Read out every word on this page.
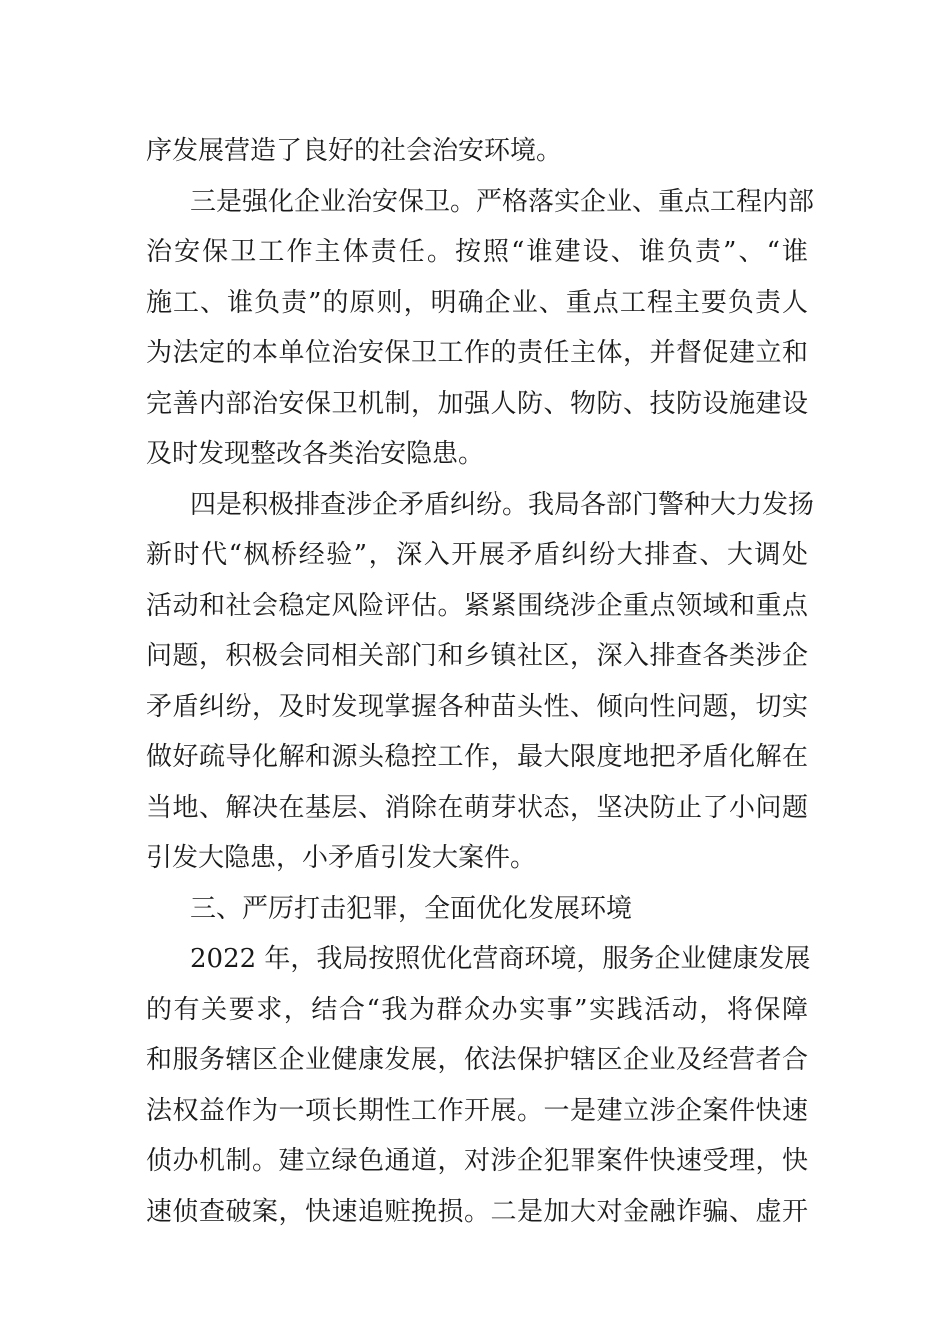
序发展营造了良好的社会治安环境。
三是强化企业治安保卫。严格落实企业、重点工程内部
治安保卫工作主体责任。按照“谁建设、谁负责”、“谁
施工、谁负责”的原则，明确企业、重点工程主要负责人
为法定的本单位治安保卫工作的责任主体，并督促建立和
完善内部治安保卫机制，加强人防、物防、技防设施建设
及时发现整改各类治安隐患。
四是积极排查涉企矛盾纠纷。我局各部门警种大力发扬
新时代“枫桥经验”，深入开展矛盾纠纷大排查、大调处
活动和社会稳定风险评估。紧紧围绕涉企重点领域和重点
问题，积极会同相关部门和乡镇社区，深入排查各类涉企
矛盾纠纷，及时发现掌握各种苗头性、倾向性问题，切实
做好疏导化解和源头稳控工作，最大限度地把矛盾化解在
当地、解决在基层、消除在萌芽状态，坚决防止了小问题
引发大隐患，小矛盾引发大案件。
三、严厉打击犯罪，全面优化发展环境
2022 年，我局按照优化营商环境，服务企业健康发展
的有关要求，结合“我为群众办实事”实践活动，将保障
和服务辖区企业健康发展，依法保护辖区企业及经营者合
法权益作为一项长期性工作开展。一是建立涉企案件快速
侦办机制。建立绿色通道，对涉企犯罪案件快速受理，快
速侦查破案，快速追赃挽损。二是加大对金融诈骗、虚开
